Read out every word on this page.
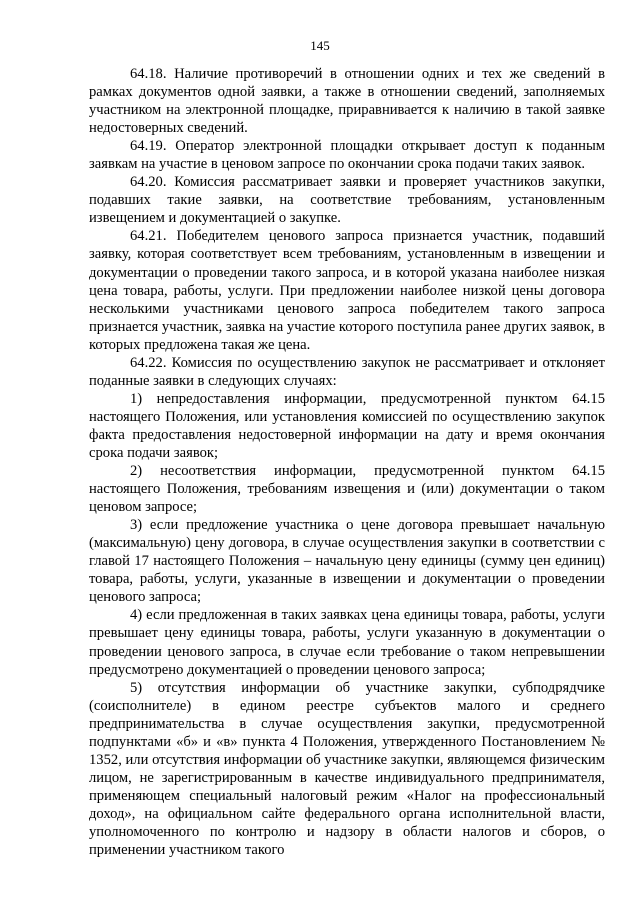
145

64.18. Наличие противоречий в отношении одних и тех же сведений в рамках документов одной заявки, а также в отношении сведений, заполняемых участником на электронной площадке, приравнивается к наличию в такой заявке недостоверных сведений.

64.19. Оператор электронной площадки открывает доступ к поданным заявкам на участие в ценовом запросе по окончании срока подачи таких заявок.

64.20. Комиссия рассматривает заявки и проверяет участников закупки, подавших такие заявки, на соответствие требованиям, установленным извещением и документацией о закупке.

64.21. Победителем ценового запроса признается участник, подавший заявку, которая соответствует всем требованиям, установленным в извещении и документации о проведении такого запроса, и в которой указана наиболее низкая цена товара, работы, услуги. При предложении наиболее низкой цены договора несколькими участниками ценового запроса победителем такого запроса признается участник, заявка на участие которого поступила ранее других заявок, в которых предложена такая же цена.

64.22. Комиссия по осуществлению закупок не рассматривает и отклоняет поданные заявки в следующих случаях:

1) непредоставления информации, предусмотренной пунктом 64.15 настоящего Положения, или установления комиссией по осуществлению закупок факта предоставления недостоверной информации на дату и время окончания срока подачи заявок;

2) несоответствия информации, предусмотренной пунктом 64.15 настоящего Положения, требованиям извещения и (или) документации о таком ценовом запросе;

3) если предложение участника о цене договора превышает начальную (максимальную) цену договора, в случае осуществления закупки в соответствии с главой 17 настоящего Положения – начальную цену единицы (сумму цен единиц) товара, работы, услуги, указанные в извещении и документации о проведении ценового запроса;

4) если предложенная в таких заявках цена единицы товара, работы, услуги превышает цену единицы товара, работы, услуги указанную в документации о проведении ценового запроса, в случае если требование о таком непревышении предусмотрено документацией о проведении ценового запроса;

5) отсутствия информации об участнике закупки, субподрядчике (соисполнителе) в едином реестре субъектов малого и среднего предпринимательства в случае осуществления закупки, предусмотренной подпунктами «б» и «в» пункта 4 Положения, утвержденного Постановлением № 1352, или отсутствия информации об участнике закупки, являющемся физическим лицом, не зарегистрированным в качестве индивидуального предпринимателя, применяющем специальный налоговый режим «Налог на профессиональный доход», на официальном сайте федерального органа исполнительной власти, уполномоченного по контролю и надзору в области налогов и сборов, о применении участником такого
